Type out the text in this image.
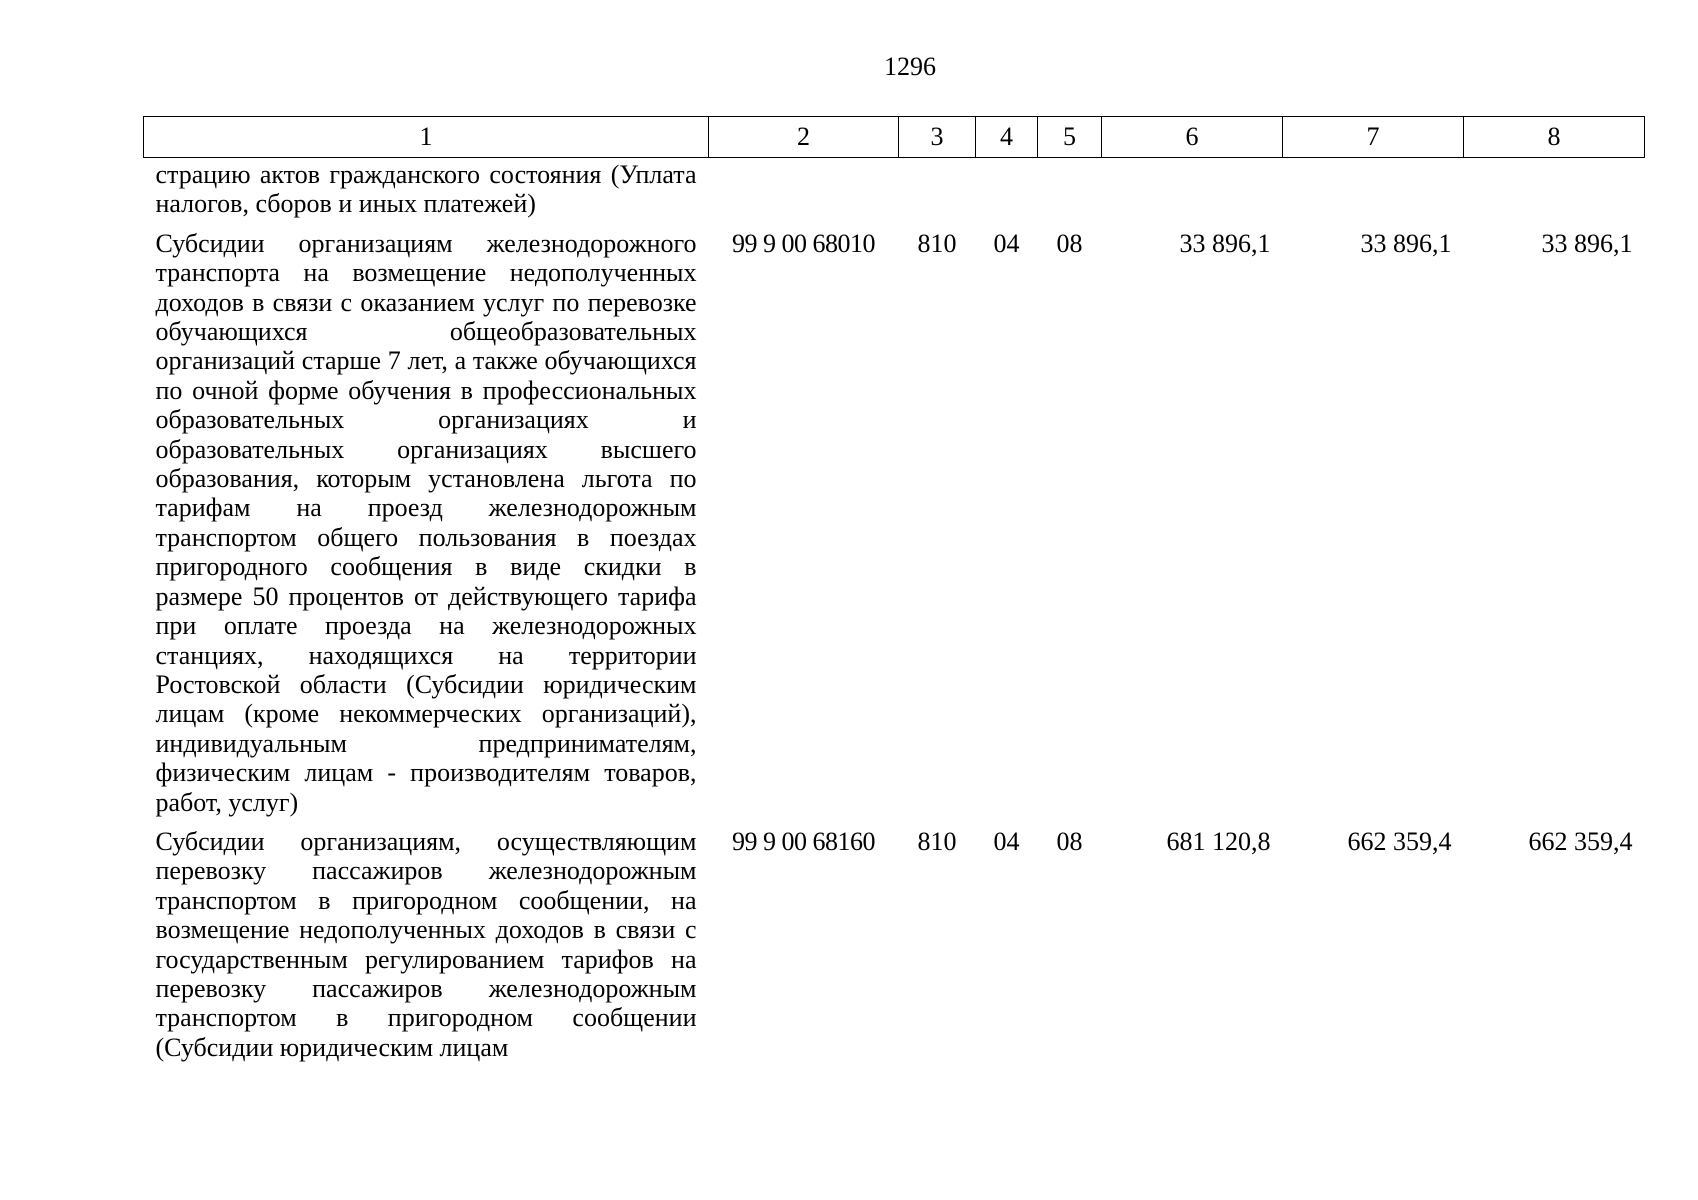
1296
1	2	3	4	5	6	7	8
страцию актов гражданского состояния (Уплата налогов, сборов и иных платежей)							
Субсидии организациям железнодорожного транспорта на возмещение недополученных доходов в связи с оказанием услуг по перевозке обучающихся общеобразовательных организаций старше 7 лет, а также обучающихся по очной форме обучения в профессиональных образовательных организациях и образовательных организациях высшего образования, которым установлена льгота по тарифам на проезд железнодорожным транспортом общего пользования в поездах пригородного сообщения в виде скидки в размере 50 процентов от действующего тарифа при оплате проезда на железнодорожных станциях, находящихся на территории Ростовской области (Субсидии юридическим лицам (кроме некоммерческих организаций), индивидуальным предпринимателям, физическим лицам - производителям товаров, работ, услуг)	99 9 00 68010	810	04	08	33 896,1	33 896,1	33 896,1
Субсидии организациям, осуществляющим перевозку пассажиров железнодорожным транспортом в пригородном сообщении, на возмещение недополученных доходов в связи с государственным регулированием тарифов на перевозку пассажиров железнодорожным транспортом в пригородном сообщении (Субсидии юридическим лицам	99 9 00 68160	810	04	08	681 120,8	662 359,4	662 359,4
